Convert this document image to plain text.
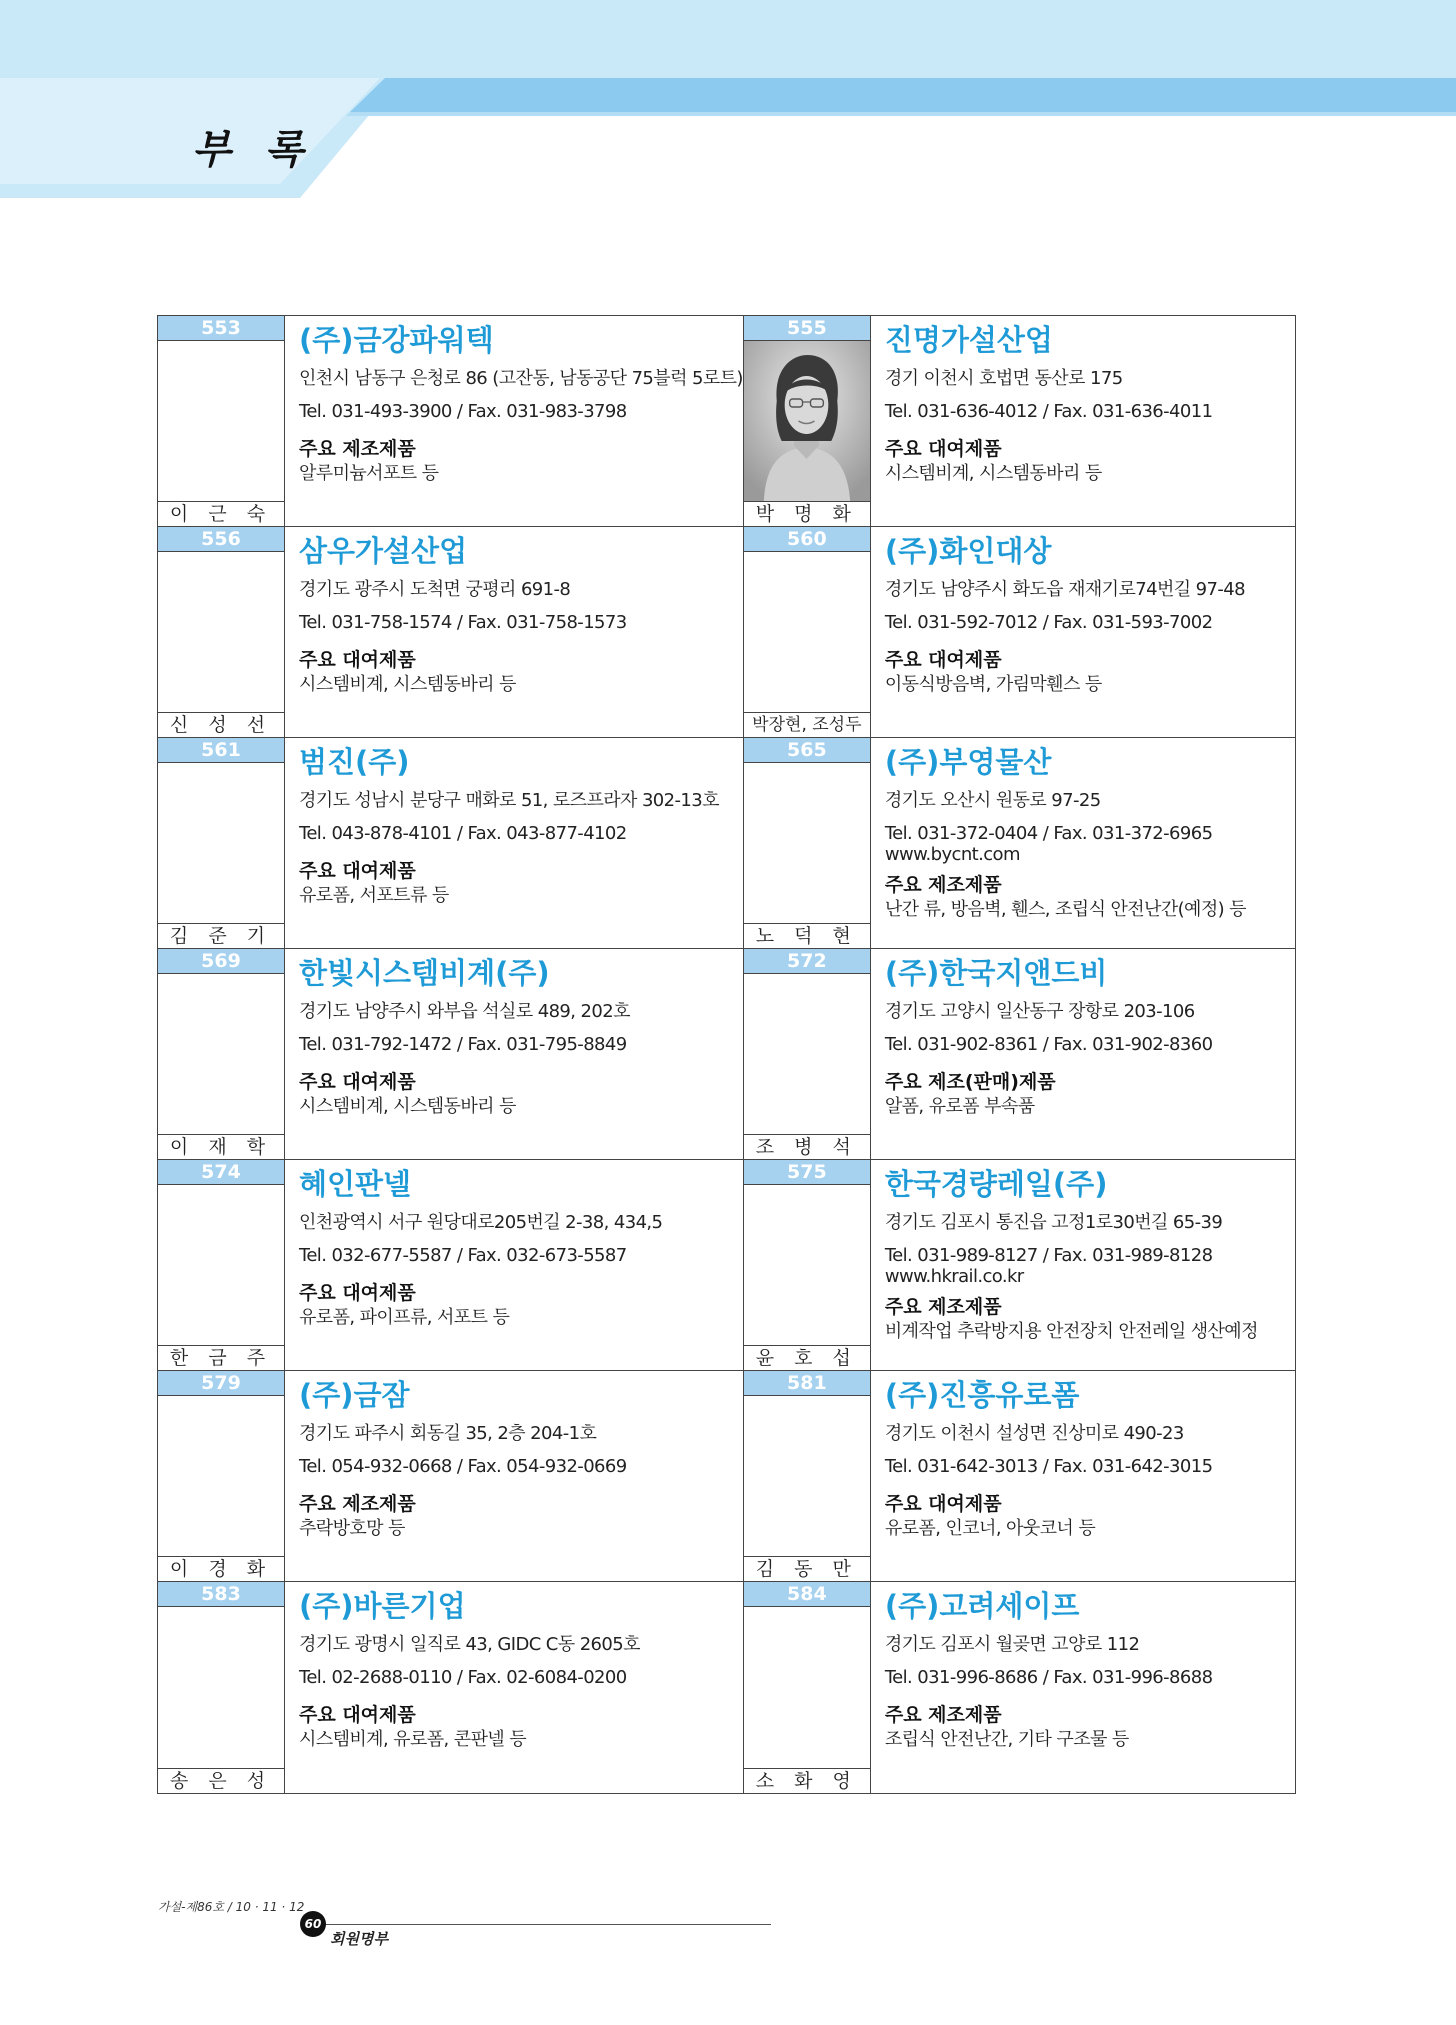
부 록
553
이 근 숙
(주)금강파워텍
인천시 남동구 은청로 86 (고잔동, 남동공단 75블럭 5로트)
Tel. 031-493-3900 / Fax. 031-983-3798
주요 제조제품
알루미늄서포트 등
555
박 명 화
진명가설산업
경기 이천시 호법면 동산로 175
Tel. 031-636-4012 / Fax. 031-636-4011
주요 대여제품
시스템비계, 시스템동바리 등
556
신 성 선
삼우가설산업
경기도 광주시 도척면 궁평리 691-8
Tel. 031-758-1574 / Fax. 031-758-1573
주요 대여제품
시스템비계, 시스템동바리 등
560
박장현, 조성두
(주)화인대상
경기도 남양주시 화도읍 재재기로74번길 97-48
Tel. 031-592-7012 / Fax. 031-593-7002
주요 대여제품
이동식방음벽, 가림막휀스 등
561
김 준 기
범진(주)
경기도 성남시 분당구 매화로 51, 로즈프라자 302-13호
Tel. 043-878-4101 / Fax. 043-877-4102
주요 대여제품
유로폼, 서포트류 등
565
노 덕 현
(주)부영물산
경기도 오산시 원동로 97-25
Tel. 031-372-0404 / Fax. 031-372-6965
www.bycnt.com
주요 제조제품
난간 류, 방음벽, 휀스, 조립식 안전난간(예정) 등
569
이 재 학
한빛시스템비계(주)
경기도 남양주시 와부읍 석실로 489, 202호
Tel. 031-792-1472 / Fax. 031-795-8849
주요 대여제품
시스템비계, 시스템동바리 등
572
조 병 석
(주)한국지앤드비
경기도 고양시 일산동구 장항로 203-106
Tel. 031-902-8361 / Fax. 031-902-8360
주요 제조(판매)제품
알폼, 유로폼 부속품
574
한 금 주
혜인판넬
인천광역시 서구 원당대로205번길 2-38, 434,5
Tel. 032-677-5587 / Fax. 032-673-5587
주요 대여제품
유로폼, 파이프류, 서포트 등
575
윤 호 섭
한국경량레일(주)
경기도 김포시 통진읍 고정1로30번길 65-39
Tel. 031-989-8127 / Fax. 031-989-8128
www.hkrail.co.kr
주요 제조제품
비계작업 추락방지용 안전장치 안전레일 생산예정
579
이 경 화
(주)금잠
경기도 파주시 회동길 35, 2층 204-1호
Tel. 054-932-0668 / Fax. 054-932-0669
주요 제조제품
추락방호망 등
581
김 동 만
(주)진흥유로폼
경기도 이천시 설성면 진상미로 490-23
Tel. 031-642-3013 / Fax. 031-642-3015
주요 대여제품
유로폼, 인코너, 아웃코너 등
583
송 은 성
(주)바른기업
경기도 광명시 일직로 43, GIDC C동 2605호
Tel. 02-2688-0110 / Fax. 02-6084-0200
주요 대여제품
시스템비계, 유로폼, 콘판넬 등
584
소 화 영
(주)고려세이프
경기도 김포시 월곶면 고양로 112
Tel. 031-996-8686 / Fax. 031-996-8688
주요 제조제품
조립식 안전난간, 기타 구조물 등
가설-제86호 / 10 · 11 · 12
60
회원명부
